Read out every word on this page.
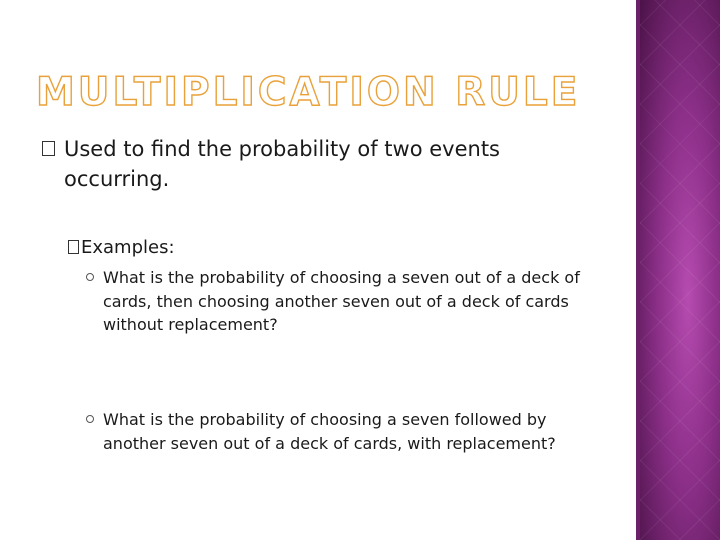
MULTIPLICATION RULE
Used to find the probability of two events occurring.
Examples:
What is the probability of choosing a seven out of a deck of cards, then choosing another seven out of a deck of cards without replacement?
What is the probability of choosing a seven followed by another seven out of a deck of cards, with replacement?
